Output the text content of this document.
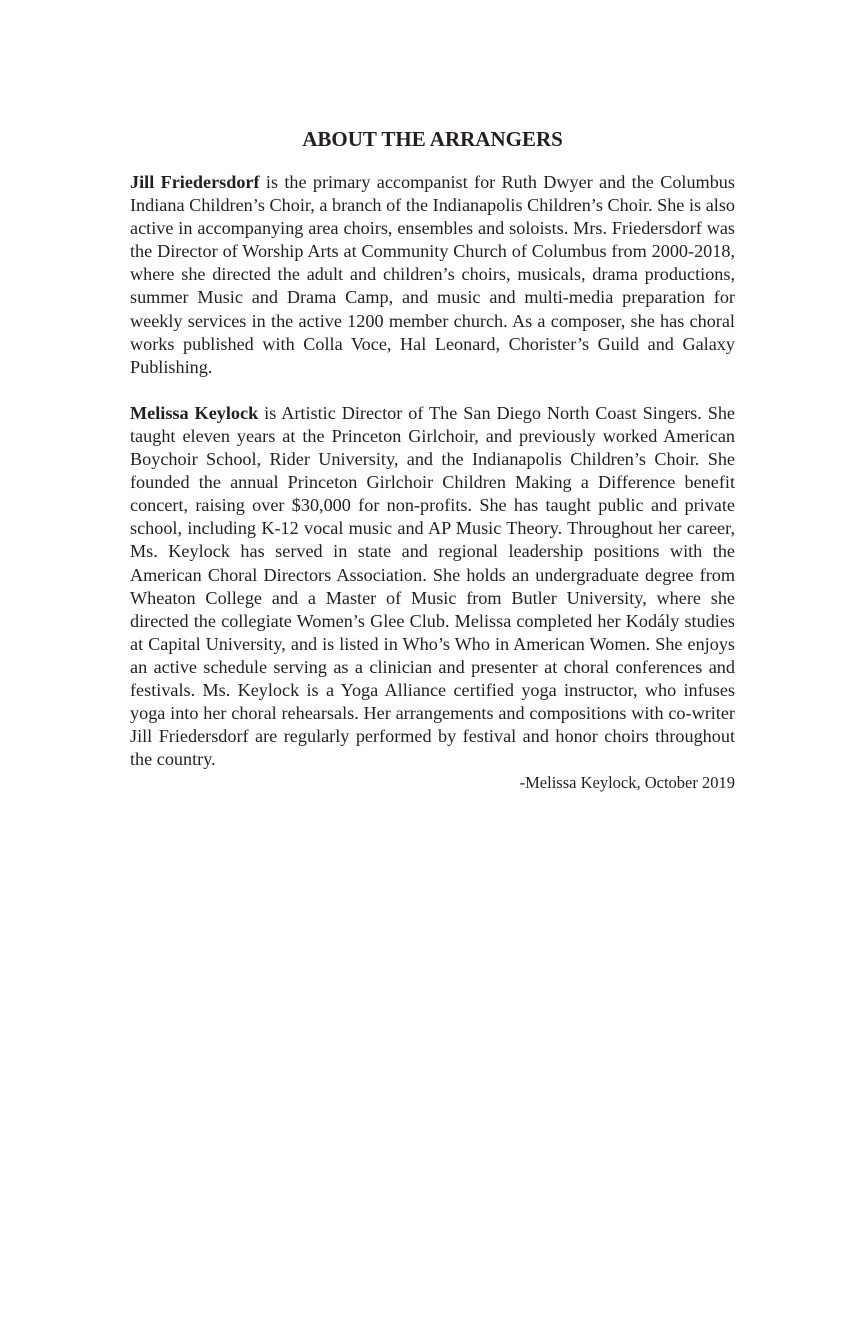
ABOUT THE ARRANGERS

Jill Friedersdorf is the primary accompanist for Ruth Dwyer and the Columbus Indiana Children’s Choir, a branch of the Indianapolis Children’s Choir. She is also active in accompanying area choirs, ensembles and soloists. Mrs. Friedersdorf was the Director of Worship Arts at Community Church of Columbus from 2000-2018, where she directed the adult and children’s choirs, musicals, drama productions, summer Music and Drama Camp, and music and multi-media preparation for weekly services in the active 1200 member church. As a composer, she has choral works published with Colla Voce, Hal Leonard, Chorister’s Guild and Galaxy Publishing.

Melissa Keylock is Artistic Director of The San Diego North Coast Singers. She taught eleven years at the Princeton Girlchoir, and previously worked American Boychoir School, Rider University, and the Indianapolis Children’s Choir. She founded the annual Princeton Girlchoir Children Making a Difference benefit concert, raising over $30,000 for non-profits. She has taught public and private school, including K-12 vocal music and AP Music Theory. Throughout her career, Ms. Keylock has served in state and regional leadership positions with the American Choral Directors Association. She holds an undergraduate degree from Wheaton College and a Master of Music from Butler University, where she directed the collegiate Women’s Glee Club. Melissa completed her Kodály studies at Capital University, and is listed in Who’s Who in American Women. She enjoys an active schedule serving as a clinician and presenter at choral conferences and festivals. Ms. Keylock is a Yoga Alliance certified yoga instructor, who infuses yoga into her choral rehearsals. Her arrangements and compositions with co-writer Jill Friedersdorf are regularly performed by festival and honor choirs throughout the country.

-Melissa Keylock, October 2019
